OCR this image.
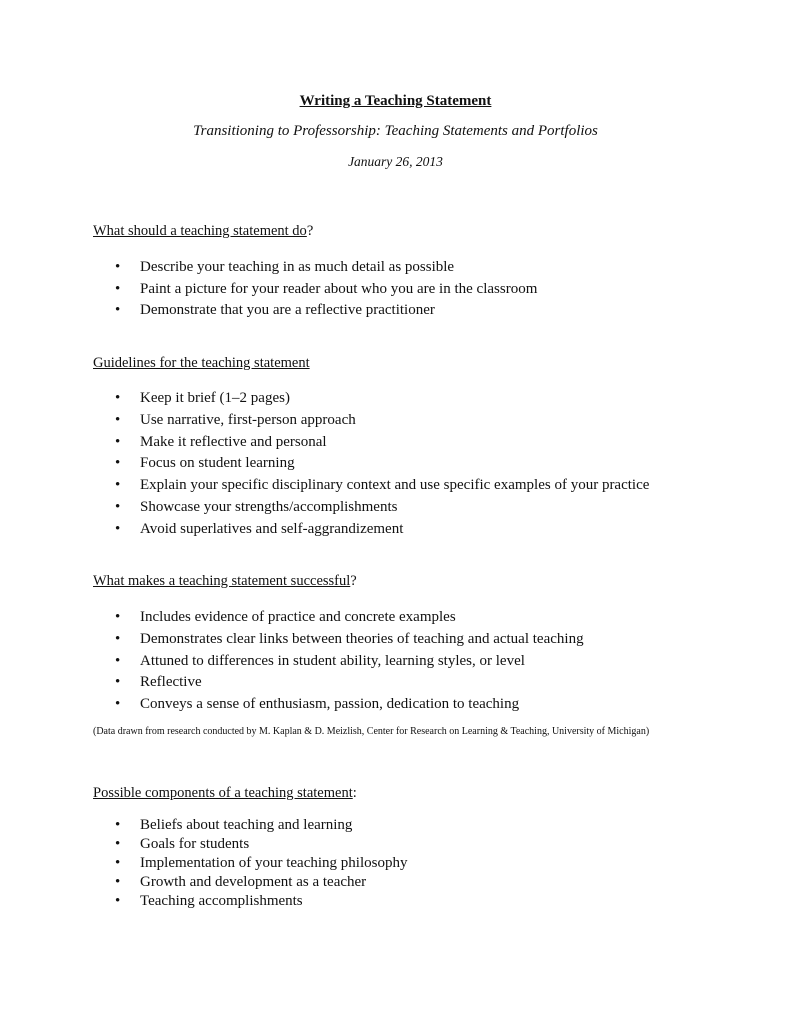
Writing a Teaching Statement
Transitioning to Professorship: Teaching Statements and Portfolios
January 26, 2013
What should a teaching statement do?
• Describe your teaching in as much detail as possible
• Paint a picture for your reader about who you are in the classroom
• Demonstrate that you are a reflective practitioner
Guidelines for the teaching statement
• Keep it brief (1–2 pages)
• Use narrative, first-person approach
• Make it reflective and personal
• Focus on student learning
• Explain your specific disciplinary context and use specific examples of your practice
• Showcase your strengths/accomplishments
• Avoid superlatives and self-aggrandizement
What makes a teaching statement successful?
• Includes evidence of practice and concrete examples
• Demonstrates clear links between theories of teaching and actual teaching
• Attuned to differences in student ability, learning styles, or level
• Reflective
• Conveys a sense of enthusiasm, passion, dedication to teaching
(Data drawn from research conducted by M. Kaplan & D. Meizlish, Center for Research on Learning & Teaching, University of Michigan)
Possible components of a teaching statement:
• Beliefs about teaching and learning
• Goals for students
• Implementation of your teaching philosophy
• Growth and development as a teacher
• Teaching accomplishments
